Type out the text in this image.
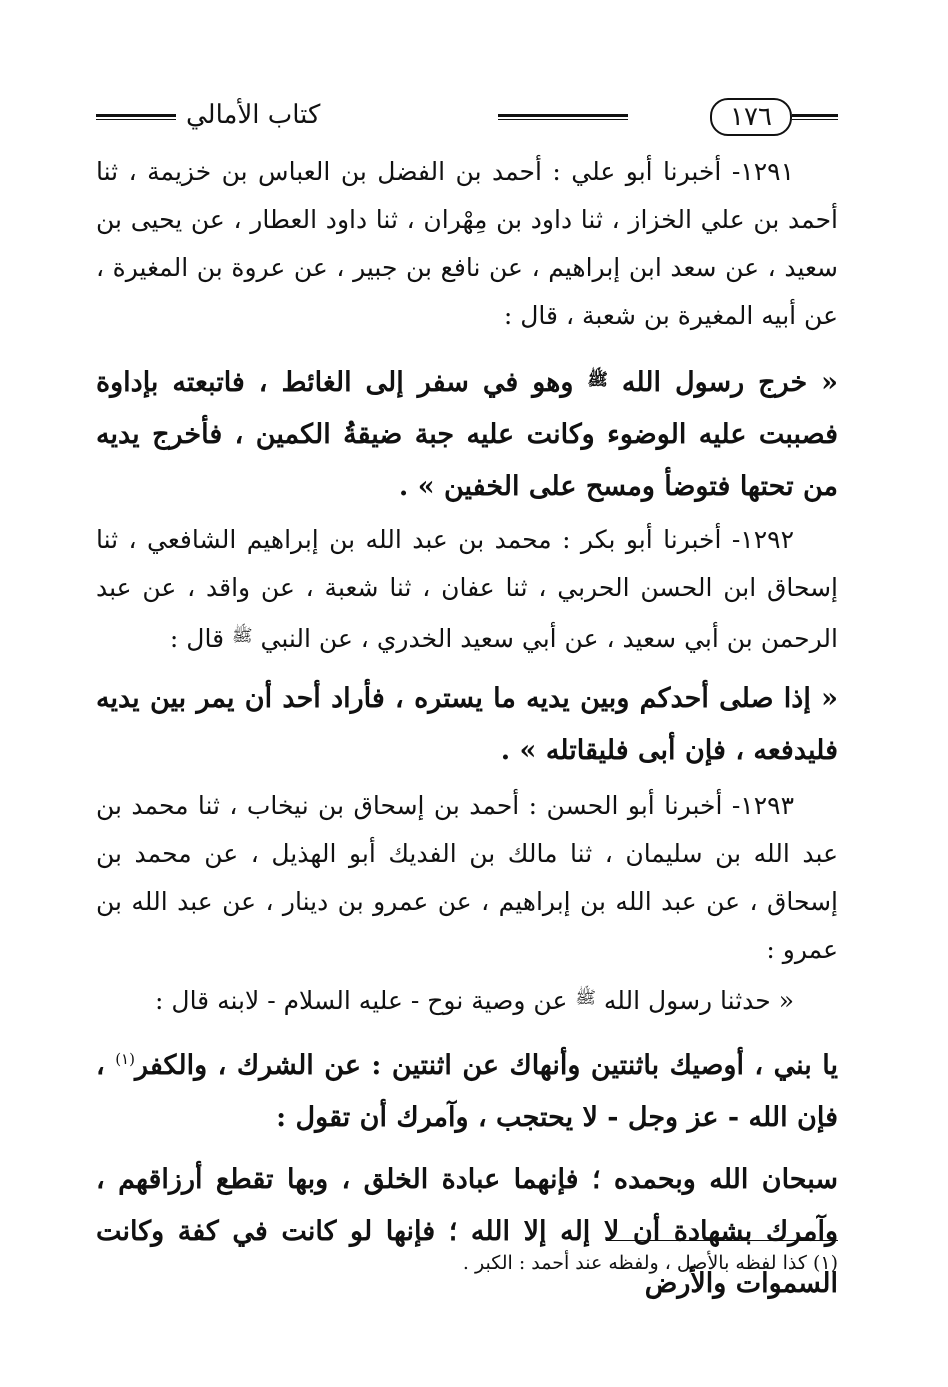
١٧٦
كتاب الأمالي

١٢٩١- أخبرنا أبو علي : أحمد بن الفضل بن العباس بن خزيمة ، ثنا أحمد بن علي الخزاز ، ثنا داود بن مِهْران ، ثنا داود العطار ، عن يحيى بن سعيد ، عن سعد ابن إبراهيم ، عن نافع بن جبير ، عن عروة بن المغيرة ، عن أبيه المغيرة بن شعبة ، قال :

« خرج رسول الله $^ﷺ$ وهو في سفر إلى الغائط ، فاتبعته بإداوة فصببت عليه الوضوء وكانت عليه جبة ضيقةُ الكمين ، فأخرج يديه من تحتها فتوضأ ومسح على الخفين » .

١٢٩٢- أخبرنا أبو بكر : محمد بن عبد الله بن إبراهيم الشافعي ، ثنا إسحاق ابن الحسن الحربي ، ثنا عفان ، ثنا شعبة ، عن واقد ، عن عبد الرحمن بن أبي سعيد ، عن أبي سعيد الخدري ، عن النبي $^ﷺ$ قال :

« إذا صلى أحدكم وبين يديه ما يستره ، فأراد أحد أن يمر بين يديه فليدفعه ، فإن أبى فليقاتله » .

١٢٩٣- أخبرنا أبو الحسن : أحمد بن إسحاق بن نيخاب ، ثنا محمد بن عبد الله بن سليمان ، ثنا مالك بن الفديك أبو الهذيل ، عن محمد بن إسحاق ، عن عبد الله بن إبراهيم ، عن عمرو بن دينار ، عن عبد الله بن عمرو :

« حدثنا رسول الله $^ﷺ$ عن وصية نوح - عليه السلام - لابنه قال :

يا بني ، أوصيك باثنتين وأنهاك عن اثنتين : عن الشرك ، والكفر$^{(١)}$ ، فإن الله - عز وجل - لا يحتجب ، وآمرك أن تقول :

سبحان الله وبحمده ؛ فإنهما عبادة الخلق ، وبها تقطع أرزاقهم ، وآمرك بشهادة أن لا إله إلا الله ؛ فإنها لو كانت في كفة وكانت السموات والأرض

(١) كذا لفظه بالأصل ، ولفظه عند أحمد : الكبر .
